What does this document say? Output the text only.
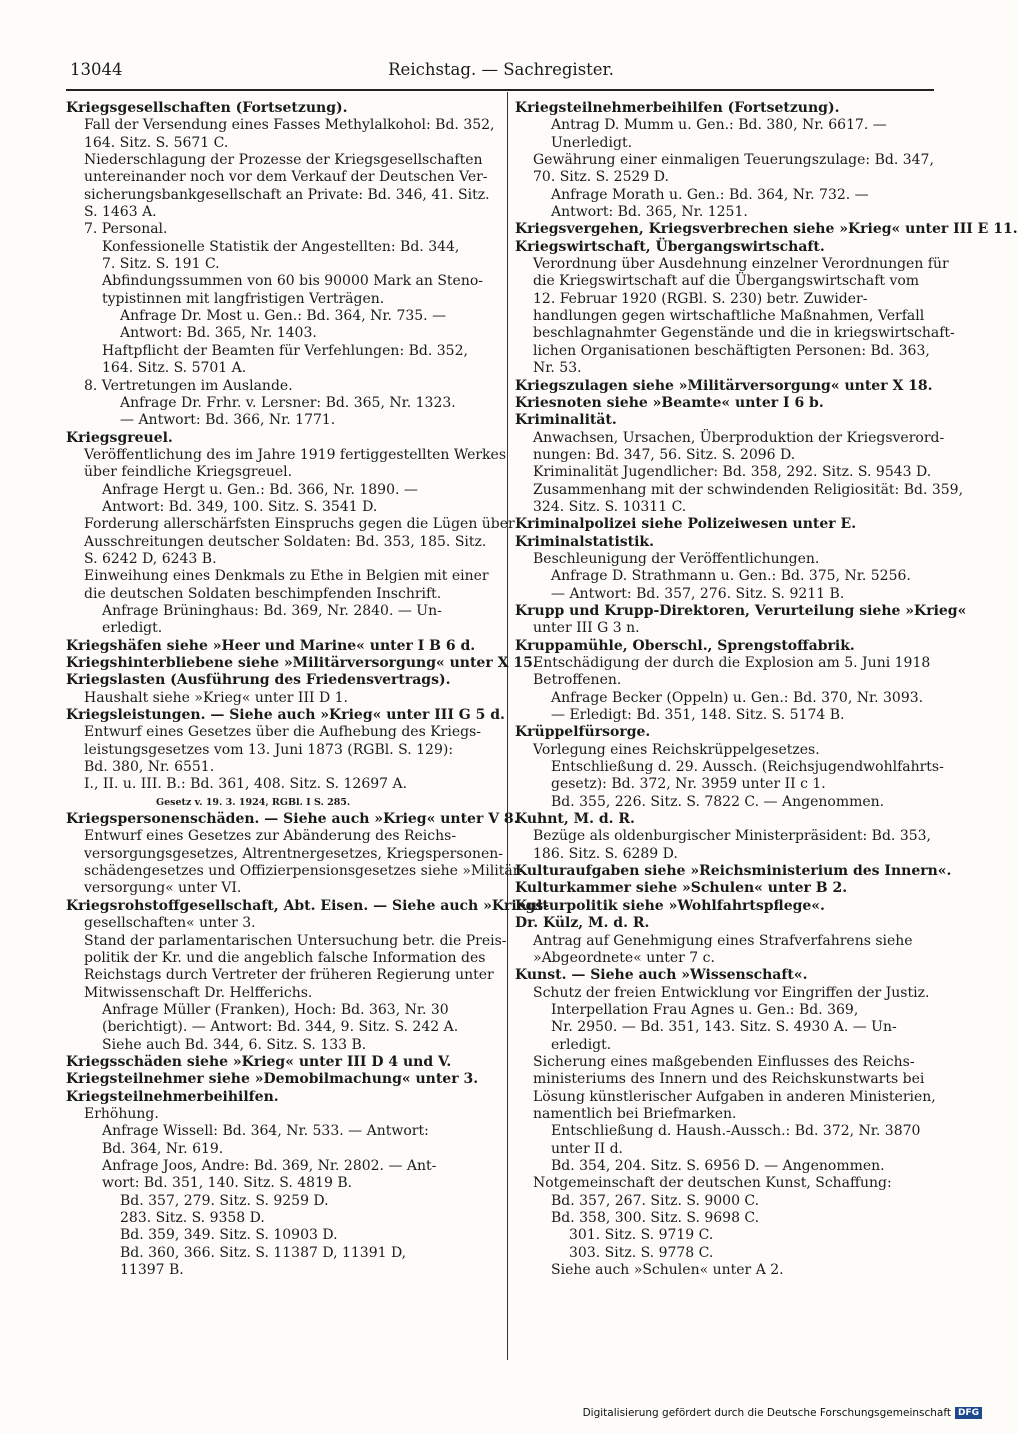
13044	Reichstag. — Sachregister.
Kriegsgesellschaften (Fortsetzung).
Fall der Versendung eines Fasses Methylalkohol: Bd. 352,
164. Sitz. S. 5671 C.
Niederschlagung der Prozesse der Kriegsgesellschaften
untereinander noch vor dem Verkauf der Deutschen Ver-
sicherungsbankgesellschaft an Private: Bd. 346, 41. Sitz.
S. 1463 A.
7. Personal.
Konfessionelle Statistik der Angestellten: Bd. 344,
7. Sitz. S. 191 C.
Abfindungssummen von 60 bis 90000 Mark an Steno-
typistinnen mit langfristigen Verträgen.
Anfrage Dr. Most u. Gen.: Bd. 364, Nr. 735. —
Antwort: Bd. 365, Nr. 1403.
Haftpflicht der Beamten für Verfehlungen: Bd. 352,
164. Sitz. S. 5701 A.
8. Vertretungen im Auslande.
Anfrage Dr. Frhr. v. Lersner: Bd. 365, Nr. 1323.
— Antwort: Bd. 366, Nr. 1771.
Kriegsgreuel.
Veröffentlichung des im Jahre 1919 fertiggestellten Werkes
über feindliche Kriegsgreuel.
Anfrage Hergt u. Gen.: Bd. 366, Nr. 1890. —
Antwort: Bd. 349, 100. Sitz. S. 3541 D.
Forderung allerschärfsten Einspruchs gegen die Lügen über
Ausschreitungen deutscher Soldaten: Bd. 353, 185. Sitz.
S. 6242 D, 6243 B.
Einweihung eines Denkmals zu Ethe in Belgien mit einer
die deutschen Soldaten beschimpfenden Inschrift.
Anfrage Brüninghaus: Bd. 369, Nr. 2840. — Un-
erledigt.
Kriegshäfen siehe »Heer und Marine« unter I B 6 d.
Kriegshinterbliebene siehe »Militärversorgung« unter X 15.
Kriegslasten (Ausführung des Friedensvertrags).
Haushalt siehe »Krieg« unter III D 1.
Kriegsleistungen. — Siehe auch »Krieg« unter III G 5 d.
Entwurf eines Gesetzes über die Aufhebung des Kriegs-
leistungsgesetzes vom 13. Juni 1873 (RGBl. S. 129):
Bd. 380, Nr. 6551.
I., II. u. III. B.: Bd. 361, 408. Sitz. S. 12697 A.
Gesetz v. 19. 3. 1924, RGBl. I S. 285.
Kriegspersonenschäden. — Siehe auch »Krieg« unter V 8.
Entwurf eines Gesetzes zur Abänderung des Reichs-
versorgungsgesetzes, Altrentnergesetzes, Kriegspersonen-
schädengesetzes und Offizierpensionsgesetzes siehe »Militär-
versorgung« unter VI.
Kriegsrohstoffgesellschaft, Abt. Eisen. — Siehe auch »Kriegs-
gesellschaften« unter 3.
Stand der parlamentarischen Untersuchung betr. die Preis-
politik der Kr. und die angeblich falsche Information des
Reichstags durch Vertreter der früheren Regierung unter
Mitwissenschaft Dr. Helfferichs.
Anfrage Müller (Franken), Hoch: Bd. 363, Nr. 30
(berichtigt). — Antwort: Bd. 344, 9. Sitz. S. 242 A.
Siehe auch Bd. 344, 6. Sitz. S. 133 B.
Kriegsschäden siehe »Krieg« unter III D 4 und V.
Kriegsteilnehmer siehe »Demobilmachung« unter 3.
Kriegsteilnehmerbeihilfen.
Erhöhung.
Anfrage Wissell: Bd. 364, Nr. 533. — Antwort:
Bd. 364, Nr. 619.
Anfrage Joos, Andre: Bd. 369, Nr. 2802. — Ant-
wort: Bd. 351, 140. Sitz. S. 4819 B.
Bd. 357, 279. Sitz. S. 9259 D.
283. Sitz. S. 9358 D.
Bd. 359, 349. Sitz. S. 10903 D.
Bd. 360, 366. Sitz. S. 11387 D, 11391 D,
11397 B.
Kriegsteilnehmerbeihilfen (Fortsetzung).
Antrag D. Mumm u. Gen.: Bd. 380, Nr. 6617. —
Unerledigt.
Gewährung einer einmaligen Teuerungszulage: Bd. 347,
70. Sitz. S. 2529 D.
Anfrage Morath u. Gen.: Bd. 364, Nr. 732. —
Antwort: Bd. 365, Nr. 1251.
Kriegsvergehen, Kriegsverbrechen siehe »Krieg« unter III E 11.
Kriegswirtschaft, Übergangswirtschaft.
Verordnung über Ausdehnung einzelner Verordnungen für
die Kriegswirtschaft auf die Übergangswirtschaft vom
12. Februar 1920 (RGBl. S. 230) betr. Zuwider-
handlungen gegen wirtschaftliche Maßnahmen, Verfall
beschlagnahmter Gegenstände und die in kriegswirtschaft-
lichen Organisationen beschäftigten Personen: Bd. 363,
Nr. 53.
Kriegszulagen siehe »Militärversorgung« unter X 18.
Kriesnoten siehe »Beamte« unter I 6 b.
Kriminalität.
Anwachsen, Ursachen, Überproduktion der Kriegsverord-
nungen: Bd. 347, 56. Sitz. S. 2096 D.
Kriminalität Jugendlicher: Bd. 358, 292. Sitz. S. 9543 D.
Zusammenhang mit der schwindenden Religiosität: Bd. 359,
324. Sitz. S. 10311 C.
Kriminalpolizei siehe Polizeiwesen unter E.
Kriminalstatistik.
Beschleunigung der Veröffentlichungen.
Anfrage D. Strathmann u. Gen.: Bd. 375, Nr. 5256.
— Antwort: Bd. 357, 276. Sitz. S. 9211 B.
Krupp und Krupp-Direktoren, Verurteilung siehe »Krieg«
unter III G 3 n.
Kruppamühle, Oberschl., Sprengstoffabrik.
Entschädigung der durch die Explosion am 5. Juni 1918
Betroffenen.
Anfrage Becker (Oppeln) u. Gen.: Bd. 370, Nr. 3093.
— Erledigt: Bd. 351, 148. Sitz. S. 5174 B.
Krüppelfürsorge.
Vorlegung eines Reichskrüppelgesetzes.
Entschließung d. 29. Aussch. (Reichsjugendwohlfahrts-
gesetz): Bd. 372, Nr. 3959 unter II c 1.
Bd. 355, 226. Sitz. S. 7822 C. — Angenommen.
Kuhnt, M. d. R.
Bezüge als oldenburgischer Ministerpräsident: Bd. 353,
186. Sitz. S. 6289 D.
Kulturaufgaben siehe »Reichsministerium des Innern«.
Kulturkammer siehe »Schulen« unter B 2.
Kulturpolitik siehe »Wohlfahrtspflege«.
Dr. Külz, M. d. R.
Antrag auf Genehmigung eines Strafverfahrens siehe
»Abgeordnete« unter 7 c.
Kunst. — Siehe auch »Wissenschaft«.
Schutz der freien Entwicklung vor Eingriffen der Justiz.
Interpellation Frau Agnes u. Gen.: Bd. 369,
Nr. 2950. — Bd. 351, 143. Sitz. S. 4930 A. — Un-
erledigt.
Sicherung eines maßgebenden Einflusses des Reichs-
ministeriums des Innern und des Reichskunstwarts bei
Lösung künstlerischer Aufgaben in anderen Ministerien,
namentlich bei Briefmarken.
Entschließung d. Haush.-Aussch.: Bd. 372, Nr. 3870
unter II d.
Bd. 354, 204. Sitz. S. 6956 D. — Angenommen.
Notgemeinschaft der deutschen Kunst, Schaffung:
Bd. 357, 267. Sitz. S. 9000 C.
Bd. 358, 300. Sitz. S. 9698 C.
301. Sitz. S. 9719 C.
303. Sitz. S. 9778 C.
Siehe auch »Schulen« unter A 2.
Digitalisierung gefördert durch die Deutsche Forschungsgemeinschaft DFG
